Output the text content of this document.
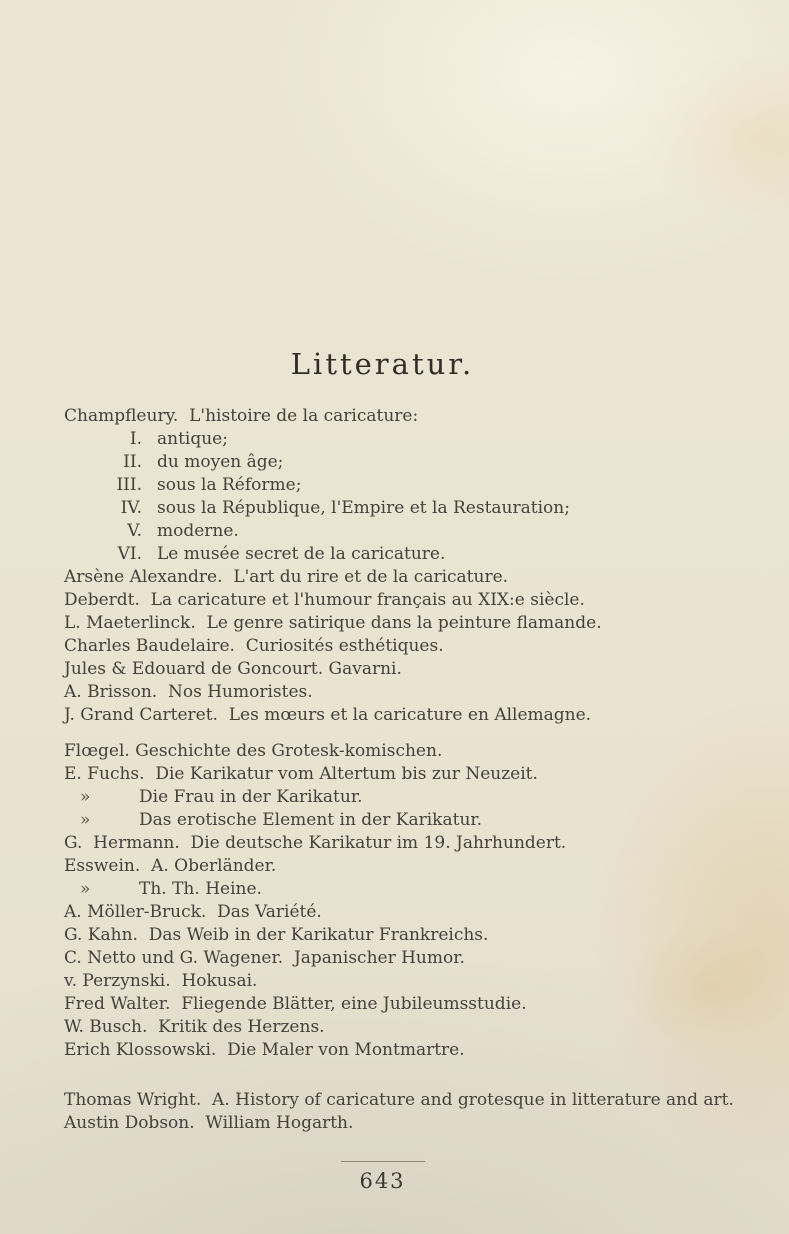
Litteratur.
Champfleury.  L'histoire de la caricature:
I. antique;
II. du moyen âge;
III. sous la Réforme;
IV. sous la République, l'Empire et la Restauration;
V. moderne.
VI. Le musée secret de la caricature.
Arsène Alexandre.  L'art du rire et de la caricature.
Deberdt.  La caricature et l'humour français au XIX:e siècle.
L. Maeterlinck.  Le genre satirique dans la peinture flamande.
Charles Baudelaire.  Curiosités esthétiques.
Jules & Edouard de Goncourt. Gavarni.
A. Brisson.  Nos Humoristes.
J. Grand Carteret.  Les mœurs et la caricature en Allemagne.
Flœgel. Geschichte des Grotesk-komischen.
E. Fuchs.  Die Karikatur vom Altertum bis zur Neuzeit.
»	Die Frau in der Karikatur.
»	Das erotische Element in der Karikatur.
G.  Hermann.  Die deutsche Karikatur im 19. Jahrhundert.
Esswein.  A. Oberländer.
»	Th. Th. Heine.
A. Möller-Bruck.  Das Variété.
G. Kahn.  Das Weib in der Karikatur Frankreichs.
C. Netto und G. Wagener.  Japanischer Humor.
v. Perzynski.  Hokusai.
Fred Walter.  Fliegende Blätter, eine Jubileumsstudie.
W. Busch.  Kritik des Herzens.
Erich Klossowski.  Die Maler von Montmartre.
Thomas Wright.  A. History of caricature and grotesque in litterature and art.
Austin Dobson.  William Hogarth.
643
